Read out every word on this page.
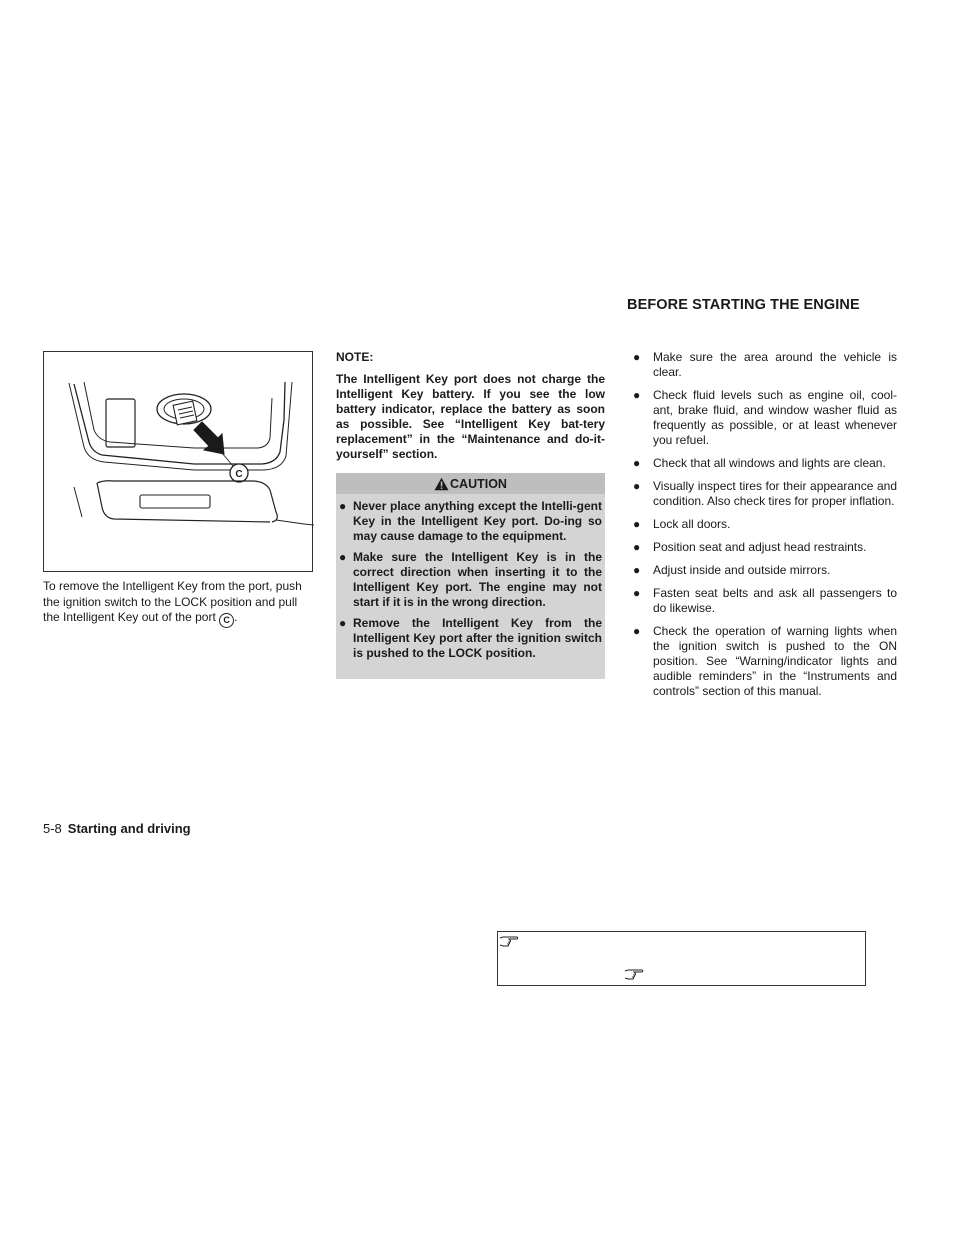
BEFORE STARTING THE ENGINE
C
To remove the Intelligent Key from the port, push the ignition switch to the LOCK position and pull the Intelligent Key out of the port C .
NOTE:
The Intelligent Key port does not charge the Intelligent Key battery. If you see the low battery indicator, replace the battery as soon as possible. See “Intelligent Key bat-tery replacement” in the “Maintenance and do-it-yourself” section.
CAUTION
● Never place anything except the Intelli-gent Key in the Intelligent Key port. Do-ing so may cause damage to the equipment.
● Make sure the Intelligent Key is in the correct direction when inserting it to the Intelligent Key port. The engine may not start if it is in the wrong direction.
● Remove the Intelligent Key from the Intelligent Key port after the ignition switch is pushed to the LOCK position.
● Make sure the area around the vehicle is clear.
● Check fluid levels such as engine oil, cool-ant, brake fluid, and window washer fluid as frequently as possible, or at least whenever you refuel.
● Check that all windows and lights are clean.
● Visually inspect tires for their appearance and condition. Also check tires for proper inflation.
● Lock all doors.
● Position seat and adjust head restraints.
● Adjust inside and outside mirrors.
● Fasten seat belts and ask all passengers to do likewise.
● Check the operation of warning lights when the ignition switch is pushed to the ON position. See “Warning/indicator lights and audible reminders” in the “Instruments and controls” section of this manual.
5-8 Starting and driving
